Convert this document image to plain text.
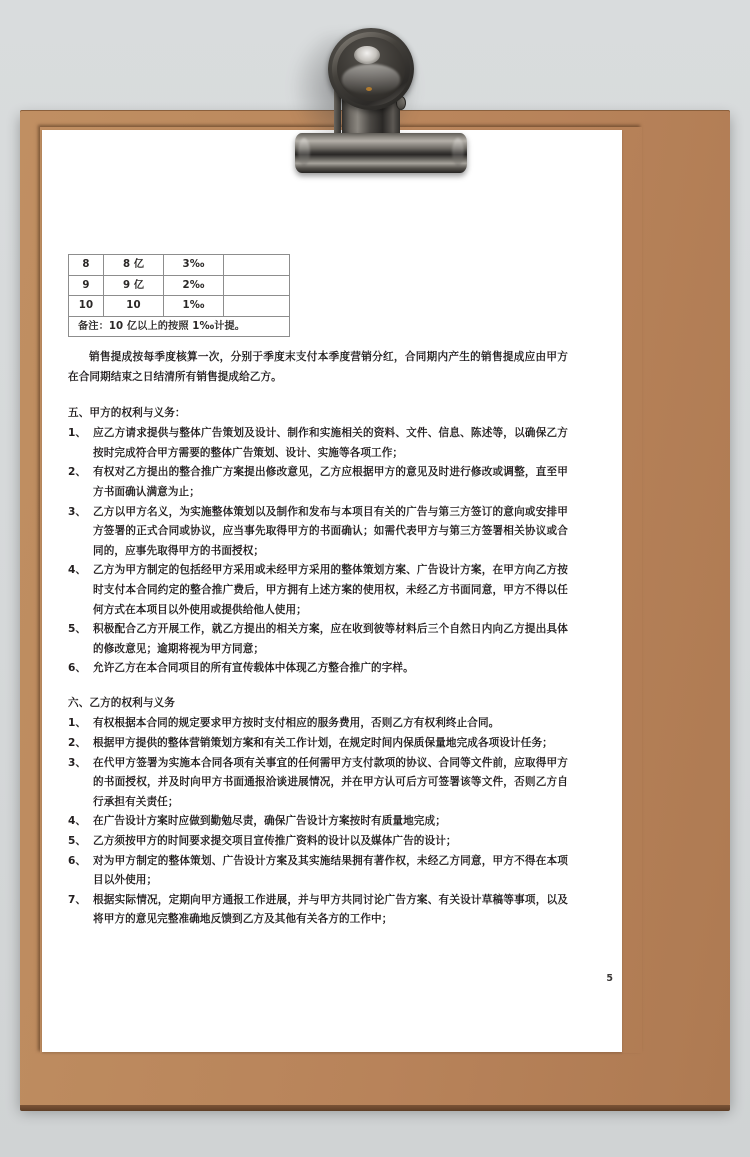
8	8 亿	3‰	
9	9 亿	2‰	
10	10	1‰	
备注：10 亿以上的按照 1‰计提。			

销售提成按每季度核算一次，分别于季度末支付本季度营销分红，合同期内产生的销售提成应由甲方在合同期结束之日结清所有销售提成给乙方。

五、甲方的权利与义务：

1、 应乙方请求提供与整体广告策划及设计、制作和实施相关的资料、文件、信息、陈述等，以确保乙方按时完成符合甲方需要的整体广告策划、设计、实施等各项工作；
2、 有权对乙方提出的整合推广方案提出修改意见，乙方应根据甲方的意见及时进行修改或调整，直至甲方书面确认满意为止；
3、 乙方以甲方名义，为实施整体策划以及制作和发布与本项目有关的广告与第三方签订的意向或安排甲方签署的正式合同或协议，应当事先取得甲方的书面确认；如需代表甲方与第三方签署相关协议或合同的，应事先取得甲方的书面授权；
4、 乙方为甲方制定的包括经甲方采用或未经甲方采用的整体策划方案、广告设计方案，在甲方向乙方按时支付本合同约定的整合推广费后，甲方拥有上述方案的使用权，未经乙方书面同意，甲方不得以任何方式在本项目以外使用或提供给他人使用；
5、 积极配合乙方开展工作，就乙方提出的相关方案，应在收到彼等材料后三个自然日内向乙方提出具体的修改意见；逾期将视为甲方同意；
6、 允许乙方在本合同项目的所有宣传载体中体现乙方整合推广的字样。

六、乙方的权利与义务

1、 有权根据本合同的规定要求甲方按时支付相应的服务费用，否则乙方有权利终止合同。
2、 根据甲方提供的整体营销策划方案和有关工作计划，在规定时间内保质保量地完成各项设计任务；
3、 在代甲方签署为实施本合同各项有关事宜的任何需甲方支付款项的协议、合同等文件前，应取得甲方的书面授权，并及时向甲方书面通报洽谈进展情况，并在甲方认可后方可签署该等文件，否则乙方自行承担有关责任；
4、 在广告设计方案时应做到勤勉尽责，确保广告设计方案按时有质量地完成；
5、 乙方须按甲方的时间要求提交项目宣传推广资料的设计以及媒体广告的设计；
6、 对为甲方制定的整体策划、广告设计方案及其实施结果拥有著作权，未经乙方同意，甲方不得在本项目以外使用；
7、 根据实际情况，定期向甲方通报工作进展，并与甲方共同讨论广告方案、有关设计草稿等事项，以及将甲方的意见完整准确地反馈到乙方及其他有关各方的工作中；
5
